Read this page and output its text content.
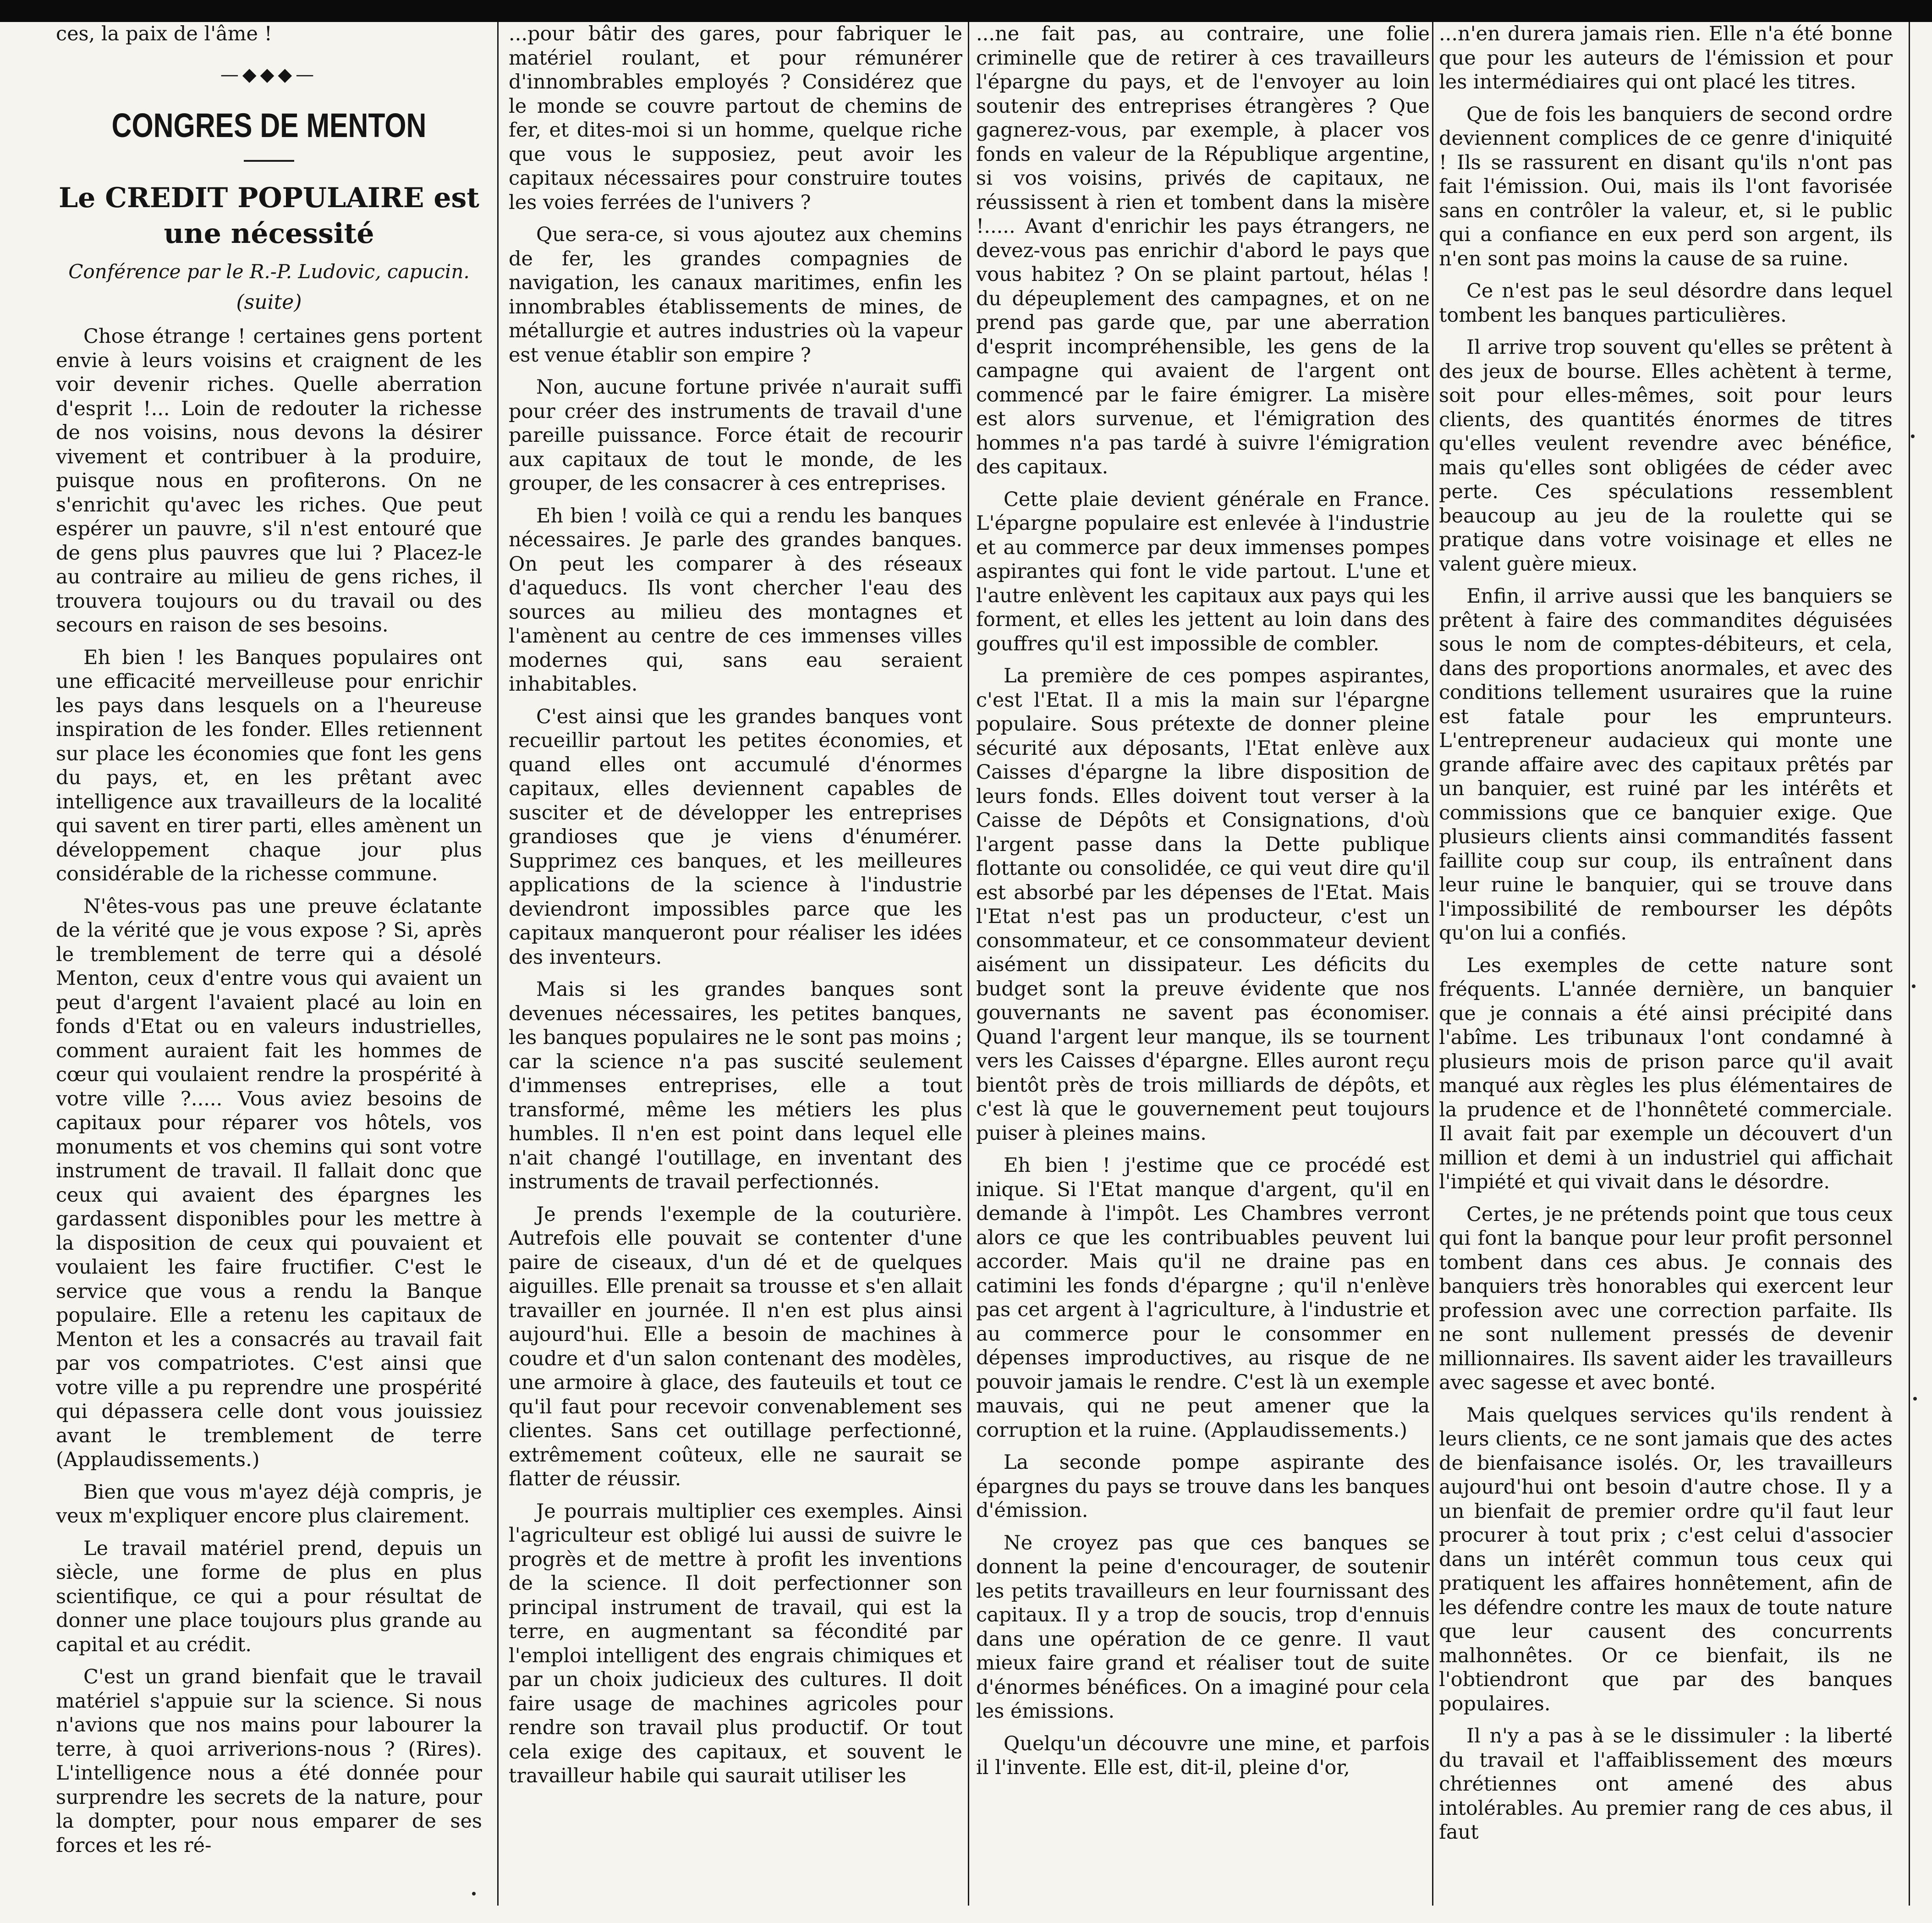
ces, la paix de l'âme !

—◆◆◆—
CONGRES DE MENTON
Le CREDIT POPULAIRE est une nécessité
Conférence par le R.-P. Ludovic, capucin.
(suite)

Chose étrange ! certaines gens portent envie à leurs voisins et craignent de les voir devenir riches. Quelle aberration d'esprit !... Loin de redouter la richesse de nos voisins, nous devons la désirer vivement et contribuer à la produire, puisque nous en profiterons. On ne s'enrichit qu'avec les riches. Que peut espérer un pauvre, s'il n'est entouré que de gens plus pauvres que lui ? Placez-le au contraire au milieu de gens riches, il trouvera toujours ou du travail ou des secours en raison de ses besoins.

Eh bien ! les Banques populaires ont une efficacité merveilleuse pour enrichir les pays dans lesquels on a l'heureuse inspiration de les fonder. Elles retiennent sur place les économies que font les gens du pays, et, en les prêtant avec intelligence aux travailleurs de la localité qui savent en tirer parti, elles amènent un développement chaque jour plus considérable de la richesse commune.

N'êtes-vous pas une preuve éclatante de la vérité que je vous expose ? Si, après le tremblement de terre qui a désolé Menton, ceux d'entre vous qui avaient un peut d'argent l'avaient placé au loin en fonds d'Etat ou en valeurs industrielles, comment auraient fait les hommes de cœur qui voulaient rendre la prospérité à votre ville ?..... Vous aviez besoins de capitaux pour réparer vos hôtels, vos monuments et vos chemins qui sont votre instrument de travail. Il fallait donc que ceux qui avaient des épargnes les gardassent disponibles pour les mettre à la disposition de ceux qui pouvaient et voulaient les faire fructifier. C'est le service que vous a rendu la Banque populaire. Elle a retenu les capitaux de Menton et les a consacrés au travail fait par vos compatriotes. C'est ainsi que votre ville a pu reprendre une prospérité qui dépassera celle dont vous jouissiez avant le tremblement de terre (Applaudissements.)

Bien que vous m'ayez déjà compris, je veux m'expliquer encore plus clairement.

Le travail matériel prend, depuis un siècle, une forme de plus en plus scientifique, ce qui a pour résultat de donner une place toujours plus grande au capital et au crédit.

C'est un grand bienfait que le travail matériel s'appuie sur la science. Si nous n'avions que nos mains pour labourer la terre, à quoi arriverions-nous ? (Rires). L'intelligence nous a été donnée pour surprendre les secrets de la nature, pour la dompter, pour nous emparer de ses forces et les ré-

...pour bâtir des gares, pour fabriquer le matériel roulant, et pour rémunérer d'innombrables employés ? Considérez que le monde se couvre partout de chemins de fer, et dites-moi si un homme, quelque riche que vous le supposiez, peut avoir les capitaux nécessaires pour construire toutes les voies ferrées de l'univers ?

Que sera-ce, si vous ajoutez aux chemins de fer, les grandes compagnies de navigation, les canaux maritimes, enfin les innombrables établissements de mines, de métallurgie et autres industries où la vapeur est venue établir son empire ?

Non, aucune fortune privée n'aurait suffi pour créer des instruments de travail d'une pareille puissance. Force était de recourir aux capitaux de tout le monde, de les grouper, de les consacrer à ces entreprises.

Eh bien ! voilà ce qui a rendu les banques nécessaires. Je parle des grandes banques. On peut les comparer à des réseaux d'aqueducs. Ils vont chercher l'eau des sources au milieu des montagnes et l'amènent au centre de ces immenses villes modernes qui, sans eau seraient inhabitables.

C'est ainsi que les grandes banques vont recueillir partout les petites économies, et quand elles ont accumulé d'énormes capitaux, elles deviennent capables de susciter et de développer les entreprises grandioses que je viens d'énumérer. Supprimez ces banques, et les meilleures applications de la science à l'industrie deviendront impossibles parce que les capitaux manqueront pour réaliser les idées des inventeurs.

Mais si les grandes banques sont devenues nécessaires, les petites banques, les banques populaires ne le sont pas moins ; car la science n'a pas suscité seulement d'immenses entreprises, elle a tout transformé, même les métiers les plus humbles. Il n'en est point dans lequel elle n'ait changé l'outillage, en inventant des instruments de travail perfectionnés.

Je prends l'exemple de la couturière. Autrefois elle pouvait se contenter d'une paire de ciseaux, d'un dé et de quelques aiguilles. Elle prenait sa trousse et s'en allait travailler en journée. Il n'en est plus ainsi aujourd'hui. Elle a besoin de machines à coudre et d'un salon contenant des modèles, une armoire à glace, des fauteuils et tout ce qu'il faut pour recevoir convenablement ses clientes. Sans cet outillage perfectionné, extrêmement coûteux, elle ne saurait se flatter de réussir.

Je pourrais multiplier ces exemples. Ainsi l'agriculteur est obligé lui aussi de suivre le progrès et de mettre à profit les inventions de la science. Il doit perfectionner son principal instrument de travail, qui est la terre, en augmentant sa fécondité par l'emploi intelligent des engrais chimiques et par un choix judicieux des cultures. Il doit faire usage de machines agricoles pour rendre son travail plus productif. Or tout cela exige des capitaux, et souvent le travailleur habile qui saurait utiliser les

...ne fait pas, au contraire, une folie criminelle que de retirer à ces travailleurs l'épargne du pays, et de l'envoyer au loin soutenir des entreprises étrangères ? Que gagnerez-vous, par exemple, à placer vos fonds en valeur de la République argentine, si vos voisins, privés de capitaux, ne réussissent à rien et tombent dans la misère !..... Avant d'enrichir les pays étrangers, ne devez-vous pas enrichir d'abord le pays que vous habitez ? On se plaint partout, hélas ! du dépeuplement des campagnes, et on ne prend pas garde que, par une aberration d'esprit incompréhensible, les gens de la campagne qui avaient de l'argent ont commencé par le faire émigrer. La misère est alors survenue, et l'émigration des hommes n'a pas tardé à suivre l'émigration des capitaux.

Cette plaie devient générale en France. L'épargne populaire est enlevée à l'industrie et au commerce par deux immenses pompes aspirantes qui font le vide partout. L'une et l'autre enlèvent les capitaux aux pays qui les forment, et elles les jettent au loin dans des gouffres qu'il est impossible de combler.

La première de ces pompes aspirantes, c'est l'Etat. Il a mis la main sur l'épargne populaire. Sous prétexte de donner pleine sécurité aux déposants, l'Etat enlève aux Caisses d'épargne la libre disposition de leurs fonds. Elles doivent tout verser à la Caisse de Dépôts et Consignations, d'où l'argent passe dans la Dette publique flottante ou consolidée, ce qui veut dire qu'il est absorbé par les dépenses de l'Etat. Mais l'Etat n'est pas un producteur, c'est un consommateur, et ce consommateur devient aisément un dissipateur. Les déficits du budget sont la preuve évidente que nos gouvernants ne savent pas économiser. Quand l'argent leur manque, ils se tournent vers les Caisses d'épargne. Elles auront reçu bientôt près de trois milliards de dépôts, et c'est là que le gouvernement peut toujours puiser à pleines mains.

Eh bien ! j'estime que ce procédé est inique. Si l'Etat manque d'argent, qu'il en demande à l'impôt. Les Chambres verront alors ce que les contribuables peuvent lui accorder. Mais qu'il ne draine pas en catimini les fonds d'épargne ; qu'il n'enlève pas cet argent à l'agriculture, à l'industrie et au commerce pour le consommer en dépenses improductives, au risque de ne pouvoir jamais le rendre. C'est là un exemple mauvais, qui ne peut amener que la corruption et la ruine. (Applaudissements.)

La seconde pompe aspirante des épargnes du pays se trouve dans les banques d'émission.

Ne croyez pas que ces banques se donnent la peine d'encourager, de soutenir les petits travailleurs en leur fournissant des capitaux. Il y a trop de soucis, trop d'ennuis dans une opération de ce genre. Il vaut mieux faire grand et réaliser tout de suite d'énormes bénéfices. On a imaginé pour cela les émissions.

Quelqu'un découvre une mine, et parfois il l'invente. Elle est, dit-il, pleine d'or,

...n'en durera jamais rien. Elle n'a été bonne que pour les auteurs de l'émission et pour les intermédiaires qui ont placé les titres.

Que de fois les banquiers de second ordre deviennent complices de ce genre d'iniquité ! Ils se rassurent en disant qu'ils n'ont pas fait l'émission. Oui, mais ils l'ont favorisée sans en contrôler la valeur, et, si le public qui a confiance en eux perd son argent, ils n'en sont pas moins la cause de sa ruine.

Ce n'est pas le seul désordre dans lequel tombent les banques particulières.

Il arrive trop souvent qu'elles se prêtent à des jeux de bourse. Elles achètent à terme, soit pour elles-mêmes, soit pour leurs clients, des quantités énormes de titres qu'elles veulent revendre avec bénéfice, mais qu'elles sont obligées de céder avec perte. Ces spéculations ressemblent beaucoup au jeu de la roulette qui se pratique dans votre voisinage et elles ne valent guère mieux.

Enfin, il arrive aussi que les banquiers se prêtent à faire des commandites déguisées sous le nom de comptes-débiteurs, et cela, dans des proportions anormales, et avec des conditions tellement usuraires que la ruine est fatale pour les emprunteurs. L'entrepreneur audacieux qui monte une grande affaire avec des capitaux prêtés par un banquier, est ruiné par les intérêts et commissions que ce banquier exige. Que plusieurs clients ainsi commandités fassent faillite coup sur coup, ils entraînent dans leur ruine le banquier, qui se trouve dans l'impossibilité de rembourser les dépôts qu'on lui a confiés.

Les exemples de cette nature sont fréquents. L'année dernière, un banquier que je connais a été ainsi précipité dans l'abîme. Les tribunaux l'ont condamné à plusieurs mois de prison parce qu'il avait manqué aux règles les plus élémentaires de la prudence et de l'honnêteté commerciale. Il avait fait par exemple un découvert d'un million et demi à un industriel qui affichait l'impiété et qui vivait dans le désordre.

Certes, je ne prétends point que tous ceux qui font la banque pour leur profit personnel tombent dans ces abus. Je connais des banquiers très honorables qui exercent leur profession avec une correction parfaite. Ils ne sont nullement pressés de devenir millionnaires. Ils savent aider les travailleurs avec sagesse et avec bonté.

Mais quelques services qu'ils rendent à leurs clients, ce ne sont jamais que des actes de bienfaisance isolés. Or, les travailleurs aujourd'hui ont besoin d'autre chose. Il y a un bienfait de premier ordre qu'il faut leur procurer à tout prix ; c'est celui d'associer dans un intérêt commun tous ceux qui pratiquent les affaires honnêtement, afin de les défendre contre les maux de toute nature que leur causent des concurrents malhonnêtes. Or ce bienfait, ils ne l'obtiendront que par des banques populaires.

Il n'y a pas à se le dissimuler : la liberté du travail et l'affaiblissement des mœurs chrétiennes ont amené des abus intolérables. Au premier rang de ces abus, il faut
